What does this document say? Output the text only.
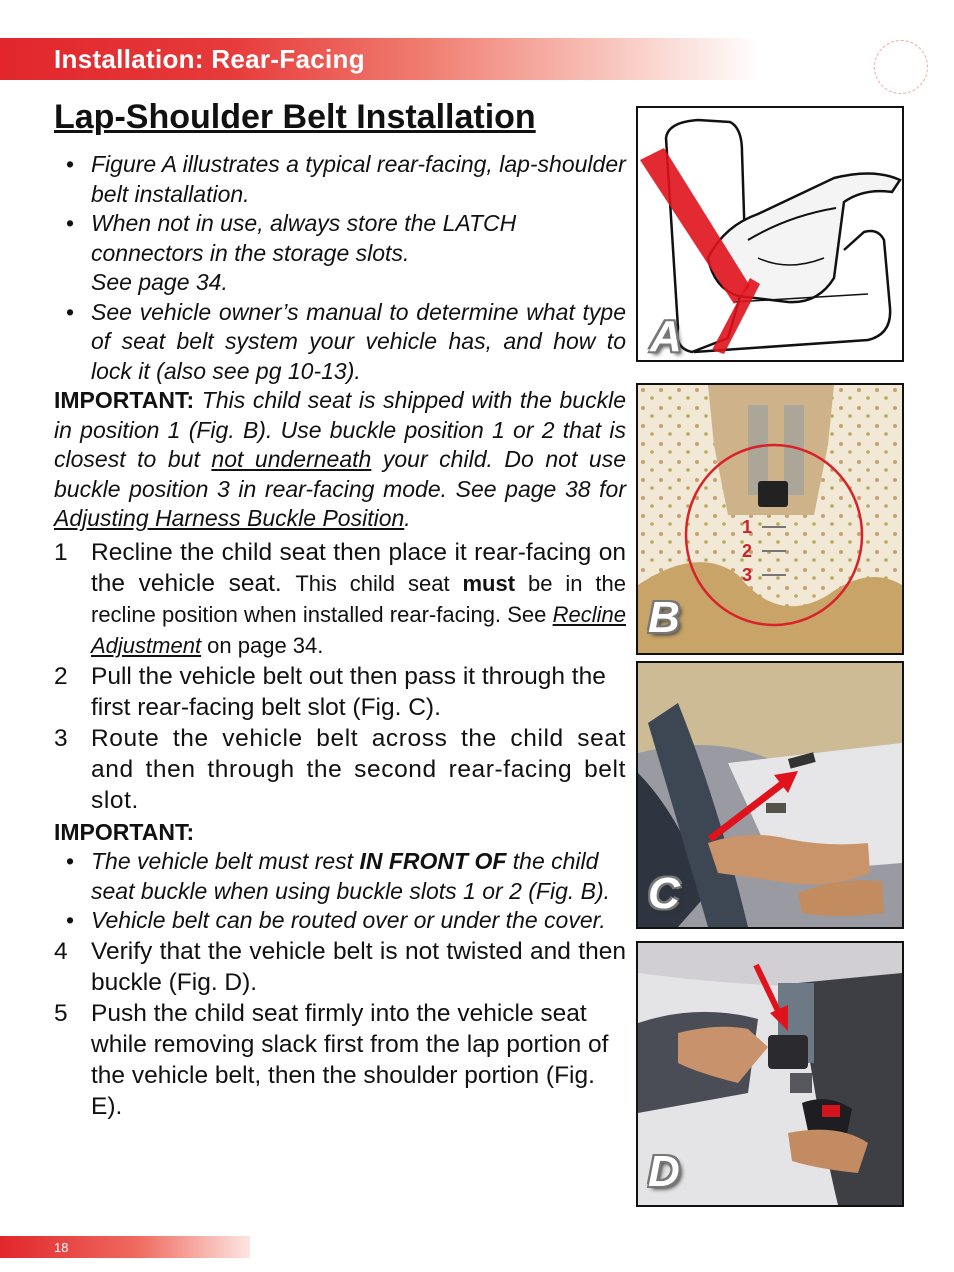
Installation: Rear-Facing
Lap-Shoulder Belt Installation
• Figure A illustrates a typical rear-facing, lap-shoulder belt installation.
• When not in use, always store the LATCH connectors in the storage slots.
See page 34.
• See vehicle owner’s manual to determine what type of seat belt system your vehicle has, and how to lock it (also see pg 10-13).
IMPORTANT: This child seat is shipped with the buckle in position 1 (Fig. B). Use buckle position 1 or 2 that is closest to but not underneath your child. Do not use buckle position 3 in rear-facing mode. See page 38 for Adjusting Harness Buckle Position.
1 Recline the child seat then place it rear-facing on the vehicle seat. This child seat must be in the recline position when installed rear-facing. See Recline Adjustment on page 34.
2 Pull the vehicle belt out then pass it through the first rear-facing belt slot (Fig. C).
3 Route the vehicle belt across the child seat and then through the second rear-facing belt slot.
IMPORTANT:
• The vehicle belt must rest IN FRONT OF the child seat buckle when using buckle slots 1 or 2 (Fig. B).
• Vehicle belt can be routed over or under the cover.
4 Verify that the vehicle belt is not twisted and then buckle (Fig. D).
5 Push the child seat firmly into the vehicle seat while removing slack first from the lap portion of the vehicle belt, then the shoulder portion (Fig. E).
A
1
2
3
B
C
D
18
